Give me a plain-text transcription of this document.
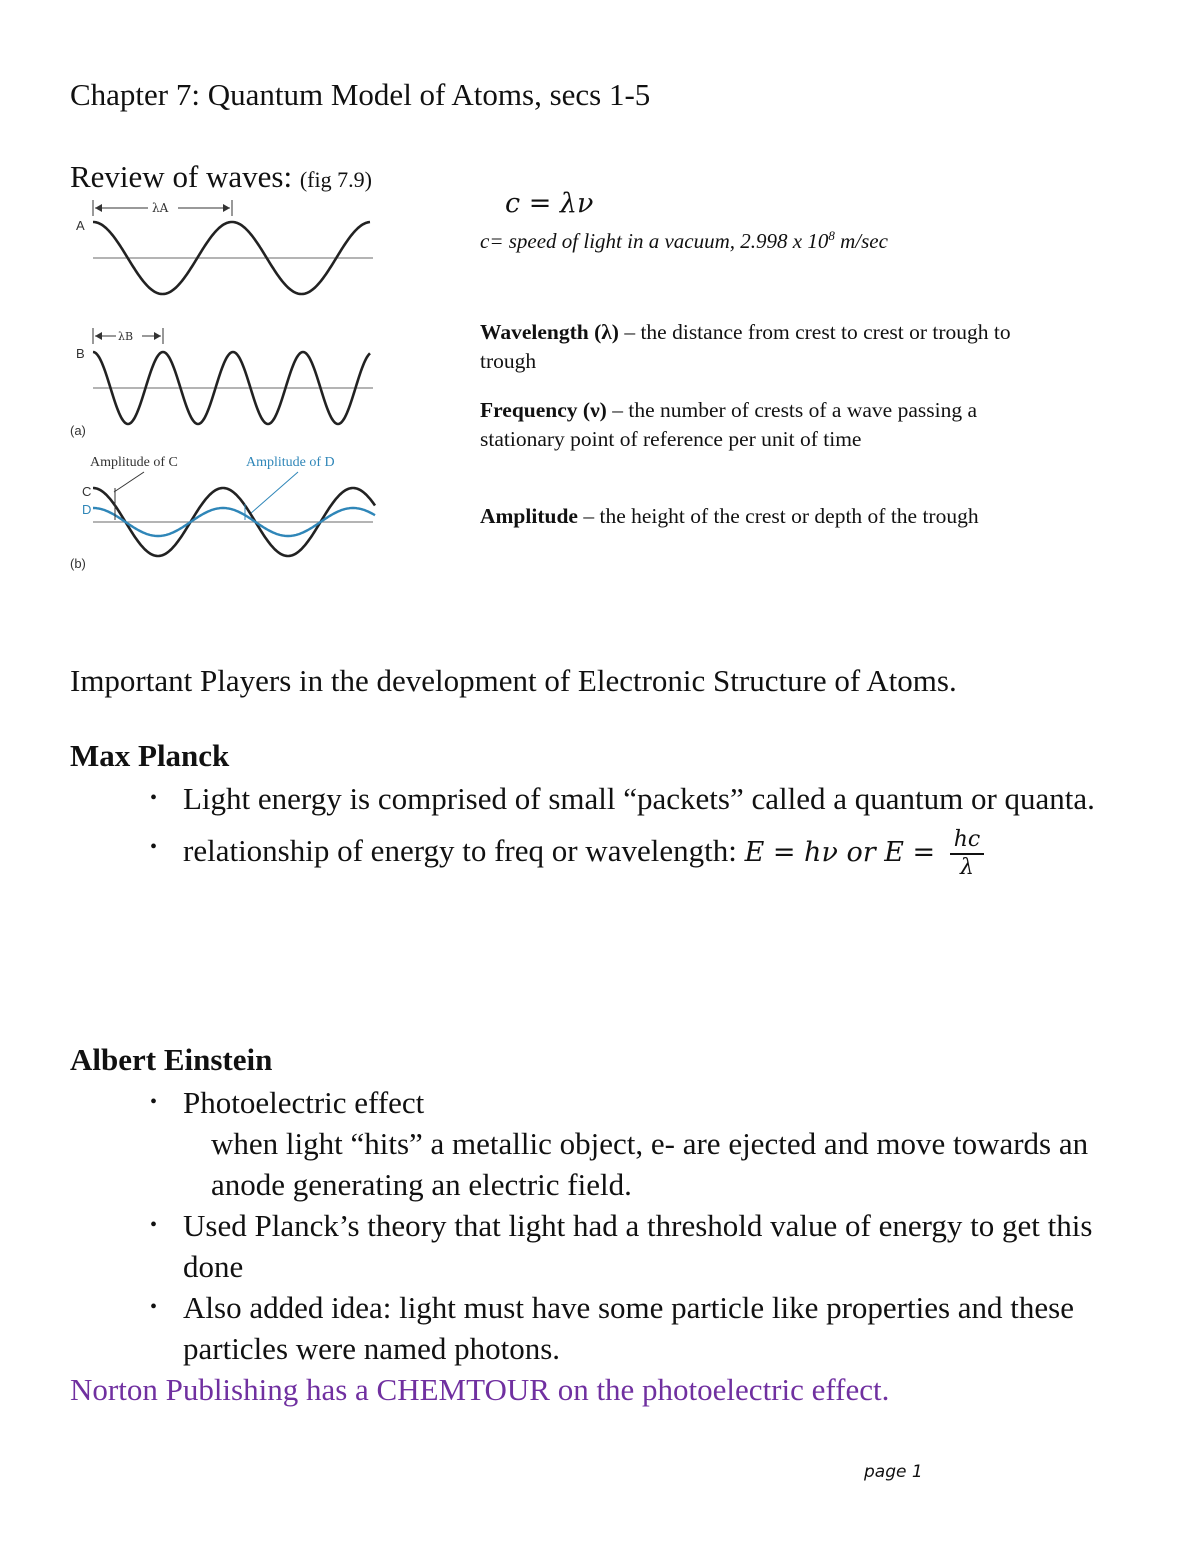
Chapter 7: Quantum Model of Atoms, secs 1-5
Review of waves: (fig 7.9)
A
λA
B
λB
(a)
Amplitude of C	Amplitude of D
C
D
(b)
c = λν
c= speed of light in a vacuum, 2.998 x $10^8$ m/sec
Wavelength (λ) – the distance from crest to crest or trough to trough
Frequency (ν) – the number of crests of a wave passing a stationary point of reference per unit of time
Amplitude – the height of the crest or depth of the trough
Important Players in the development of Electronic Structure of Atoms.
Max Planck
• Light energy is comprised of small “packets” called a quantum or quanta.
• relationship of energy to freq or wavelength: E = hν or $E = \frac{hc}{\lambda}$
Albert Einstein
• Photoelectric effect
when light “hits” a metallic object, e- are ejected and move towards an anode generating an electric field.
• Used Planck’s theory that light had a threshold value of energy to get this done
• Also added idea: light must have some particle like properties and these particles were named photons.
Norton Publishing has a CHEMTOUR on the photoelectric effect.
page 1
